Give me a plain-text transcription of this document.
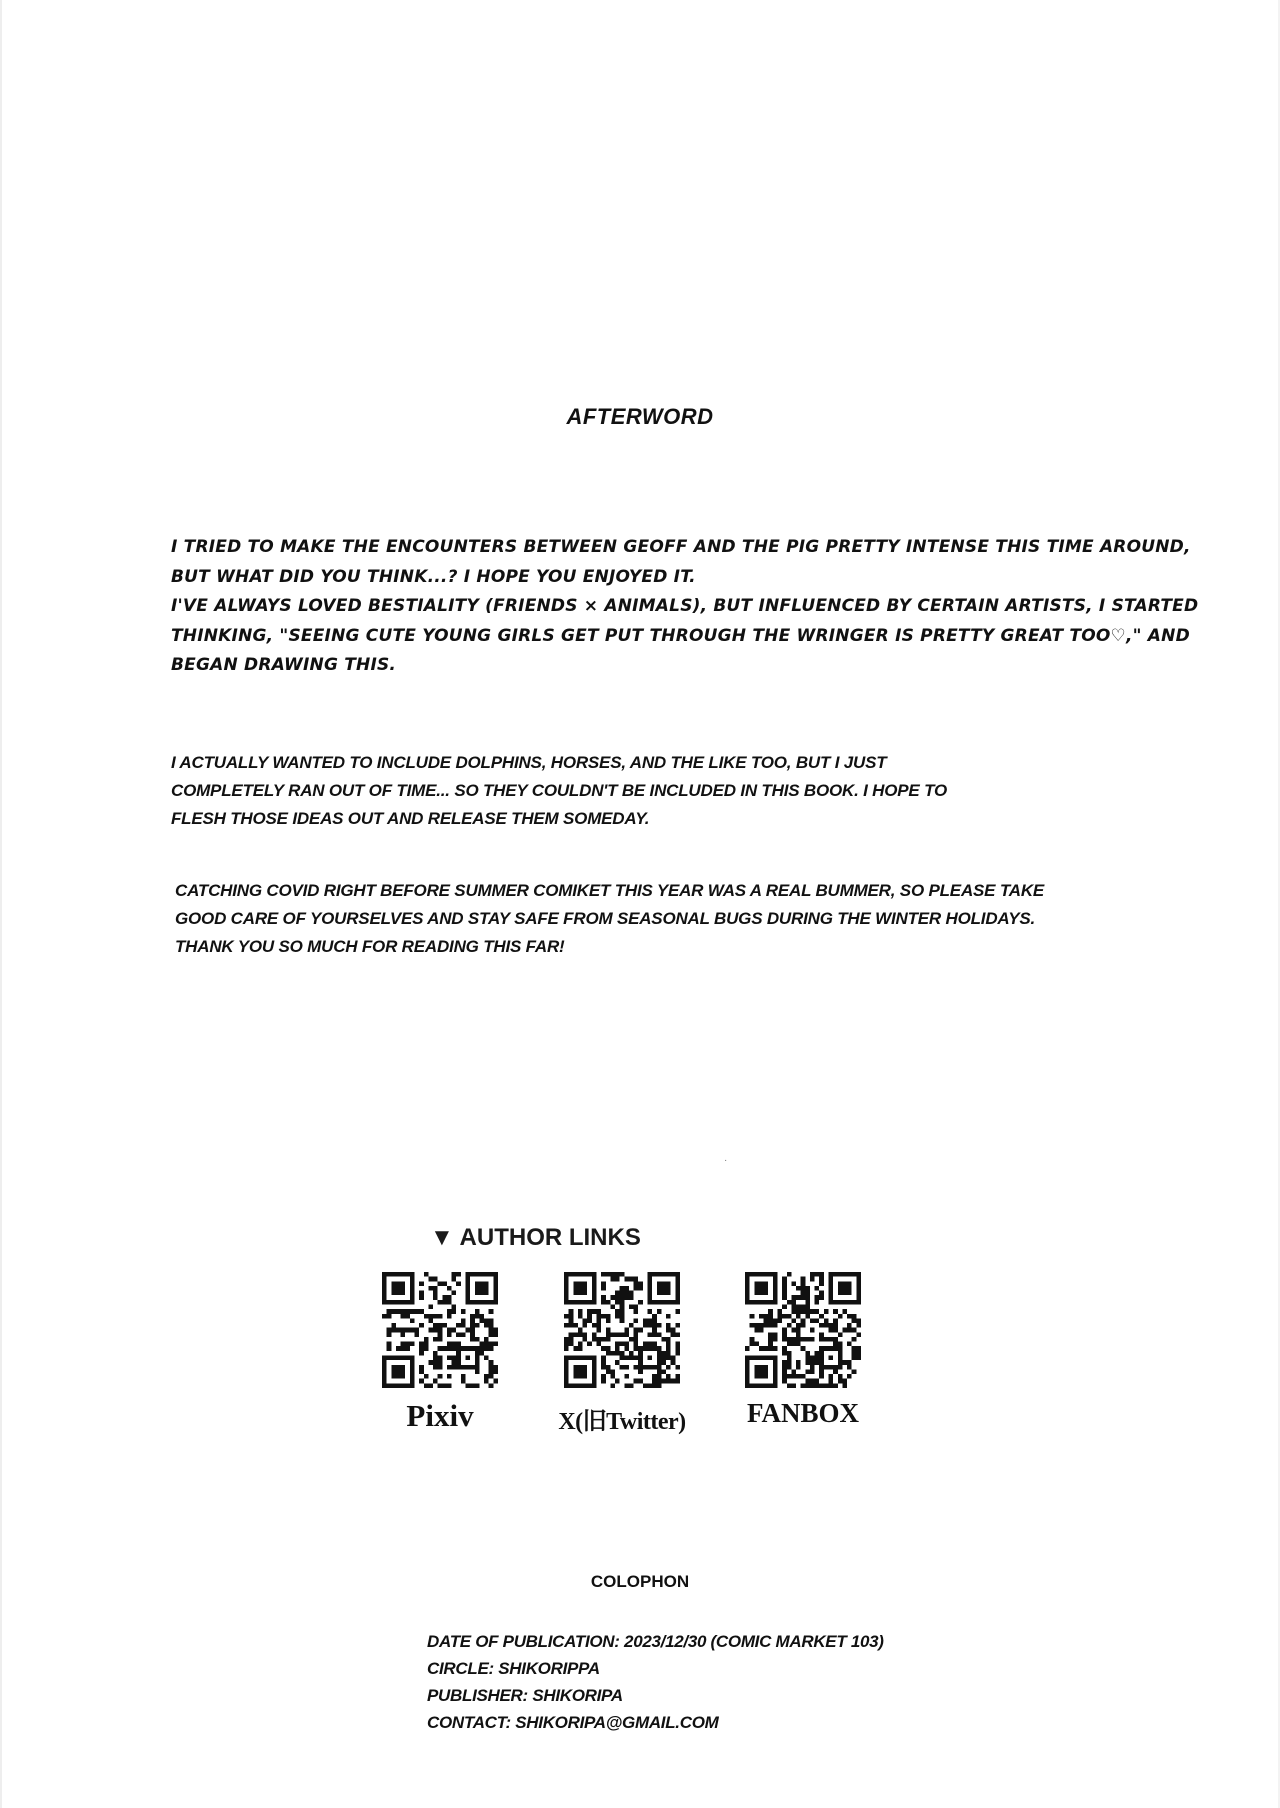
AFTERWORD

I TRIED TO MAKE THE ENCOUNTERS BETWEEN GEOFF AND THE PIG PRETTY INTENSE THIS TIME AROUND,
BUT WHAT DID YOU THINK...? I HOPE YOU ENJOYED IT.
I'VE ALWAYS LOVED BESTIALITY (FRIENDS × ANIMALS), BUT INFLUENCED BY CERTAIN ARTISTS, I STARTED
THINKING, "SEEING CUTE YOUNG GIRLS GET PUT THROUGH THE WRINGER IS PRETTY GREAT TOO♡," AND
BEGAN DRAWING THIS.

I ACTUALLY WANTED TO INCLUDE DOLPHINS, HORSES, AND THE LIKE TOO, BUT I JUST
COMPLETELY RAN OUT OF TIME... SO THEY COULDN'T BE INCLUDED IN THIS BOOK. I HOPE TO
FLESH THOSE IDEAS OUT AND RELEASE THEM SOMEDAY.

CATCHING COVID RIGHT BEFORE SUMMER COMIKET THIS YEAR WAS A REAL BUMMER, SO PLEASE TAKE
GOOD CARE OF YOURSELVES AND STAY SAFE FROM SEASONAL BUGS DURING THE WINTER HOLIDAYS.
THANK YOU SO MUCH FOR READING THIS FAR!

·
▼ AUTHOR LINKS
Pixiv	X(旧Twitter)	FANBOX
COLOPHON

DATE OF PUBLICATION: 2023/12/30 (COMIC MARKET 103)
CIRCLE: SHIKORIPPA
PUBLISHER: SHIKORIPA
CONTACT: SHIKORIPA@GMAIL.COM
